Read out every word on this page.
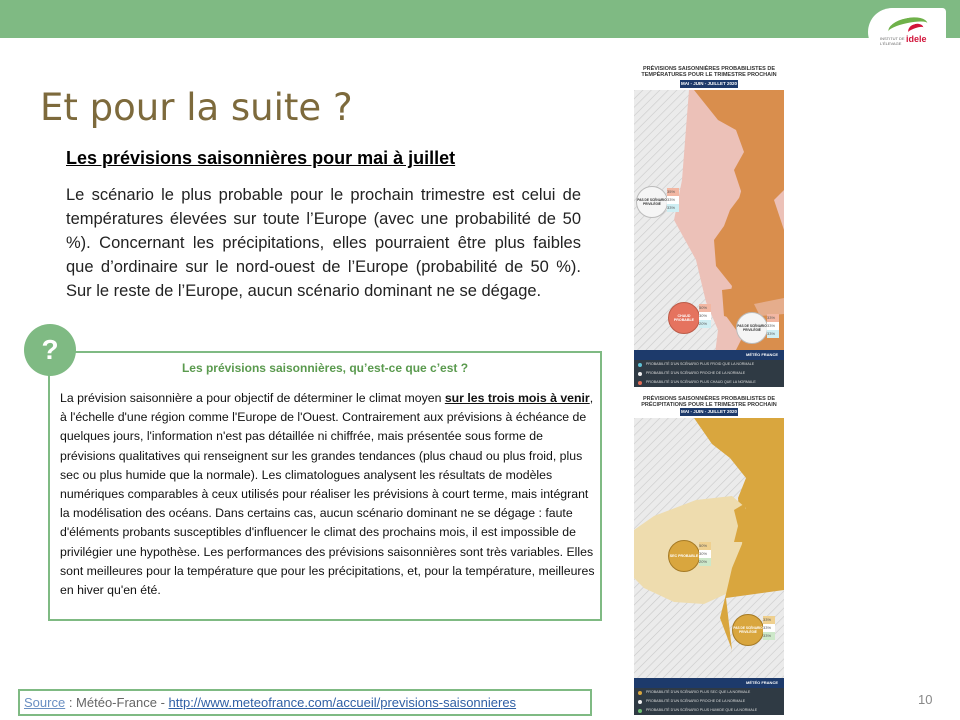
INSTITUT DE L'ÉLEVAGE idele
Et pour la suite ?

Les prévisions saisonnières pour mai à juillet

Le scénario le plus probable pour le prochain trimestre est celui de températures élevées sur toute l’Europe (avec une probabilité de 50 %). Concernant les précipitations, elles pourraient être plus faibles que d’ordinaire sur le nord-ouest de l’Europe (probabilité de 50 %). Sur le reste de l’Europe, aucun scénario dominant ne se dégage.

Les prévisions saisonnières, qu’est-ce que c’est ?

La prévision saisonnière a pour objectif de déterminer le climat moyen sur les trois mois à venir, à l'échelle d'une région comme l'Europe de l'Ouest. Contrairement aux prévisions à échéance de quelques jours, l'information n'est pas détaillée ni chiffrée, mais présentée sous forme de prévisions qualitatives qui renseignent sur les grandes tendances (plus chaud ou plus froid, plus sec ou plus humide que la normale). Les climatologues analysent les résultats de modèles numériques comparables à ceux utilisés pour réaliser les prévisions à court terme, mais intégrant la modélisation des océans. Dans certains cas, aucun scénario dominant ne se dégage : faute d'éléments probants susceptibles d'influencer le climat des prochains mois, il est impossible de privilégier une hypothèse. Les performances des prévisions saisonnières sont très variables. Elles sont meilleures pour la température que pour les précipitations, et, pour la température, meilleures en hiver qu'en été.

?
PRÉVISIONS SAISONNIÈRES PROBABILISTES DE TEMPÉRATURES POUR LE TRIMESTRE PROCHAIN
MAI - JUIN - JUILLET 2020
PAS DE SCÉNARIO PRIVILÉGIÉ
35%
33%
33%
CHAUD PROBABLE
50%
30%
20%	PAS DE SCÉNARIO PRIVILÉGIÉ
33%
33%
33%
MÉTÉO FRANCE
PROBABILITÉ D'UN SCÉNARIO PLUS FROID QUE LA NORMALE
PROBABILITÉ D'UN SCÉNARIO PROCHE DE LA NORMALE
PROBABILITÉ D'UN SCÉNARIO PLUS CHAUD QUE LA NORMALE
PRÉVISIONS SAISONNIÈRES PROBABILISTES DE PRÉCIPITATIONS POUR LE TRIMESTRE PROCHAIN
MAI - JUIN - JUILLET 2020
SEC PROBABLE
50%
30%
20%
PAS DE SCÉNARIO PRIVILÉGIÉ
33%
33%
33%
MÉTÉO FRANCE
PROBABILITÉ D'UN SCÉNARIO PLUS SEC QUE LA NORMALE
PROBABILITÉ D'UN SCÉNARIO PROCHE DE LA NORMALE
PROBABILITÉ D'UN SCÉNARIO PLUS HUMIDE QUE LA NORMALE
Source : Météo-France - http://www.meteofrance.com/accueil/previsions-saisonnieres	10
